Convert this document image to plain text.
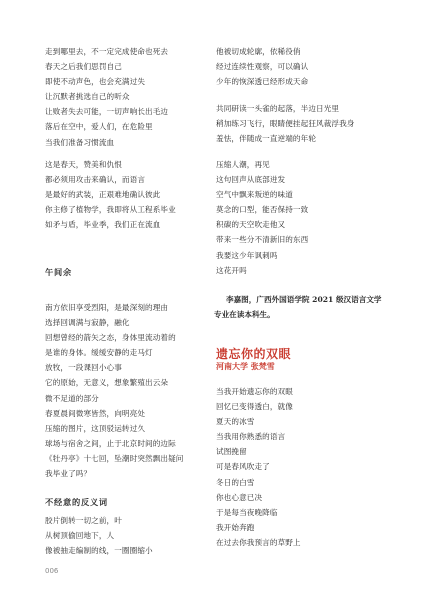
走到哪里去，不一定完成使命也死去
春天之后我们思罚自己
即使不动声色，也会充满过失
让沉默者挑选自己的听众
让败者失去可能，一切声响长出毛边
落后在空中，爱人们，在危险里
当我们准备习惯流血
这是春天，赞美和仇恨
都必须用攻击来确认，而语言
是最好的武装，正艰难地确认彼此
你主修了植物学，我即将从工程系毕业
如矛与盾，毕业季，我们正在流血
午间余
南方依旧享受烈阳，是最深刻的理由
选择回调满与寂静，融化
回想曾经的箭矢之态，身体里流动着的
是谁的身体。缓缓安静的走马灯
放牧，一段课回小心事
它的原始，无意义，想象繁殖出云朵
微不足道的部分
春夏晨间微寒皆然，向明亮处
压缩的图片，这顶驳运转过久
球场与宿舍之间，止于北京时间的边际
《牡丹亭》十七回，坠潮时突然飘出疑问
我毕业了吗？
不经意的反义词
胶片倒转一切之前，叶
从树顶偷回地下，人
像被抽走编制的线，一圈圈缩小
他被切成轮廓，依稀役俏
经过连续性观察，可以确认
少年的恢深透已经形成天命
共同研读一头雀的起落，半边日光里
稍加练习飞行，眼睛便挂起狂风裁浮我身
羞怯，伴随成一直逆端的年轮
压缩人潮，再见
这句回声从底部迸发
空气中飘来叛逆的味道
莫念的口型，能否保持一致
积碳的天空吹走他又
带来一些分不清新旧的东西
我要这少年讽刺吗
这花开吗
李嘉图，广西外国语学院 2021 级汉语言文学专业在读本科生。
遗忘你的双眼
河南大学 张梵雪
当我开始遗忘你的双眼
回忆已变得透白，就像
夏天的冰雪
当我用你熟悉的语言
试图挽留
可是春风吹走了
冬日的白雪
你也心意已决
于是每当夜晚降临
我开始奔跑
在过去你我预言的草野上
006
